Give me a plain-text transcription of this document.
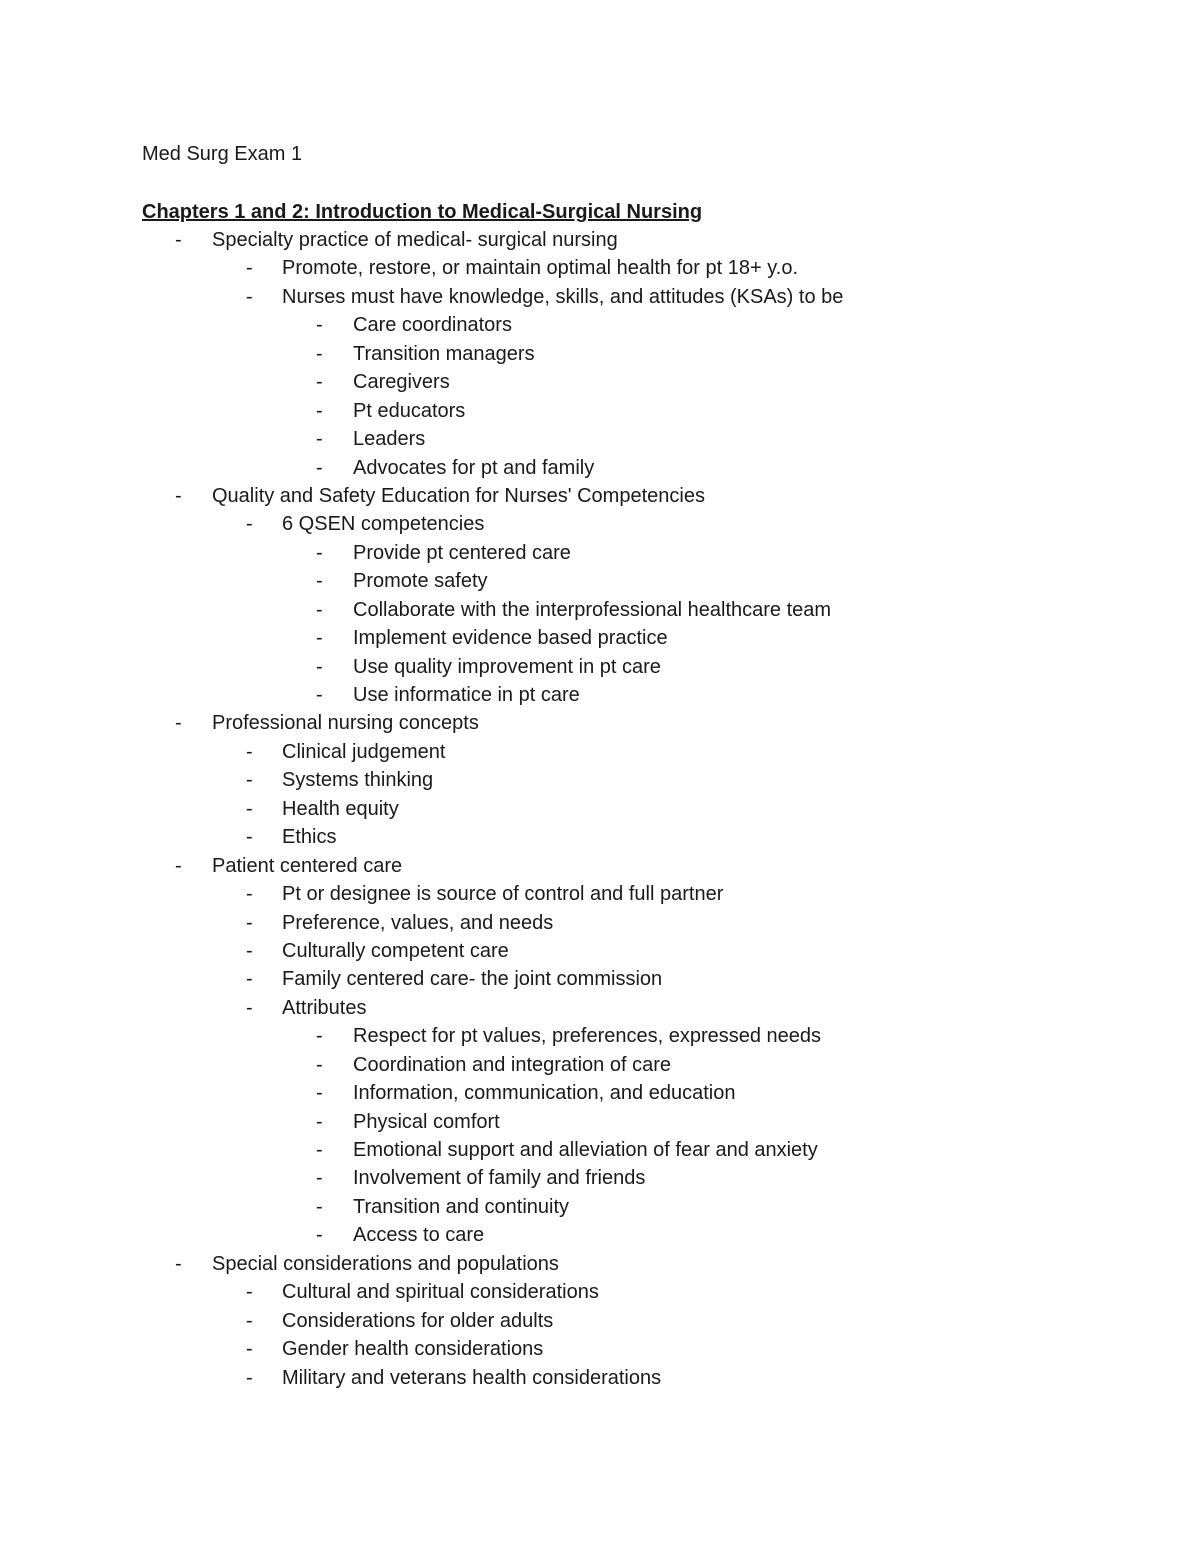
Med Surg Exam 1
Chapters 1 and 2: Introduction to Medical-Surgical Nursing
- Specialty practice of medical- surgical nursing
- Promote, restore, or maintain optimal health for pt 18+ y.o.
- Nurses must have knowledge, skills, and attitudes (KSAs) to be
- Care coordinators
- Transition managers
- Caregivers
- Pt educators
- Leaders
- Advocates for pt and family
- Quality and Safety Education for Nurses' Competencies
- 6 QSEN competencies
- Provide pt centered care
- Promote safety
- Collaborate with the interprofessional healthcare team
- Implement evidence based practice
- Use quality improvement in pt care
- Use informatice in pt care
- Professional nursing concepts
- Clinical judgement
- Systems thinking
- Health equity
- Ethics
- Patient centered care
- Pt or designee is source of control and full partner
- Preference, values, and needs
- Culturally competent care
- Family centered care- the joint commission
- Attributes
- Respect for pt values, preferences, expressed needs
- Coordination and integration of care
- Information, communication, and education
- Physical comfort
- Emotional support and alleviation of fear and anxiety
- Involvement of family and friends
- Transition and continuity
- Access to care
- Special considerations and populations
- Cultural and spiritual considerations
- Considerations for older adults
- Gender health considerations
- Military and veterans health considerations
